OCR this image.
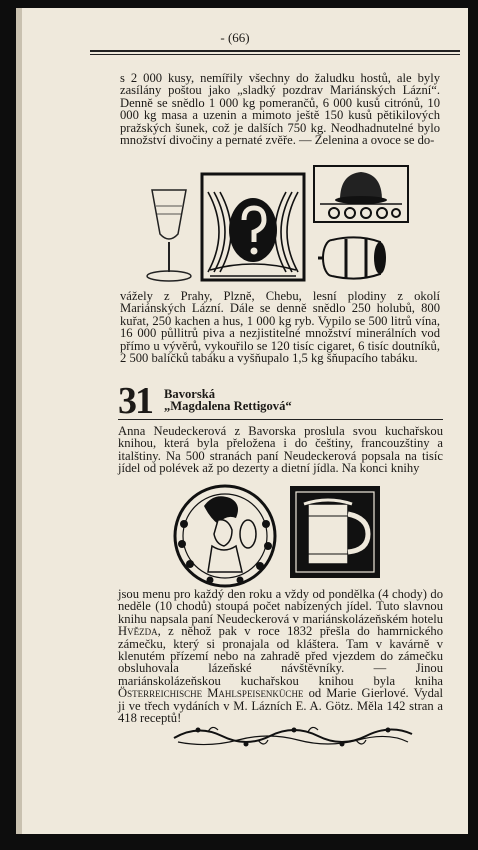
- (66)

s 2 000 kusy, nemířily všechny do žaludku hostů, ale byly zasílány poštou jako „sladký pozdrav Mariánských Lázní“. Denně se snědlo 1 000 kg pomerančů, 6 000 kusů citrónů, 10 000 kg masa a uzenin a mimoto ještě 150 kusů pětikilových pražských šunek, což je dalších 750 kg. Neodhadnutelné bylo množství divočiny a pernaté zvěře. — Zelenina a ovoce se do-

vážely z Prahy, Plzně, Chebu, lesní plodiny z okolí Mariánských Lázní. Dále se denně snědlo 250 holubů, 800 kuřat, 250 kachen a hus, 1 000 kg ryb. Vypilo se 500 litrů vína, 16 000 půllitrů piva a nezjistitelné množství minerálních vod přímo u vývěrů, vykouřilo se 120 tisíc cigaret, 6 tisíc doutníků, 2 500 balíčků tabáku a vyšňupalo 1,5 kg šňupacího tabáku.

31 Bavorská
„Magdalena Rettigová“

Anna Neudeckerová z Bavorska proslula svou kuchařskou knihou, která byla přeložena i do češtiny, francouzštiny a italštiny. Na 500 stranách paní Neudeckerová popsala na tisíc jídel od polévek až po dezerty a dietní jídla. Na konci knihy

jsou menu pro každý den roku a vždy od pondělka (4 chody) do neděle (10 chodů) stoupá počet nabízených jídel. Tuto slavnou knihu napsala paní Neudeckerová v mariánskolázeňském hotelu Hvězda, z něhož pak v roce 1832 přešla do hamrnického zámečku, který si pronajala od kláštera. Tam v kavárně v klenutém přízemí nebo na zahradě před vjezdem do zámečku obsluhovala lázeňské návštěvníky. — Jinou mariánskolázeňskou kuchařskou knihou byla kniha Österreichische Mahlspeisenküche od Marie Gierlové. Vydal ji ve třech vydáních v M. Lázních E. A. Götz. Měla 142 stran a 418 receptů!
